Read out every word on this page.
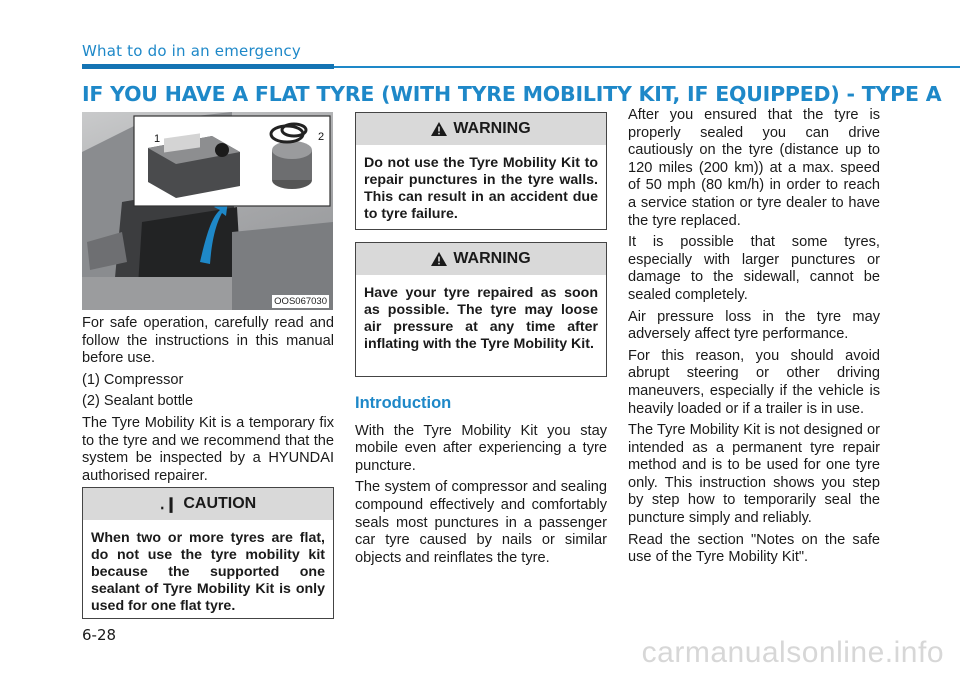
What to do in an emergency
IF YOU HAVE A FLAT TYRE (WITH TYRE MOBILITY KIT, IF EQUIPPED) - TYPE A
1	2
OOS067030

For safe operation, carefully read and follow the instructions in this manual before use.

(1) Compressor

(2) Sealant bottle

The Tyre Mobility Kit is a temporary fix to the tyre and we recommend that the system be inspected by a HYUNDAI authorised repairer.

․❙ CAUTION
When two or more tyres are flat, do not use the tyre mobility kit because the supported one sealant of Tyre Mobility Kit is only used for one flat tyre.
WARNING
Do not use the Tyre Mobility Kit to repair punctures in the tyre walls. This can result in an accident due to tyre failure.
WARNING
Have your tyre repaired as soon as possible. The tyre may loose air pressure at any time after inflating with the Tyre Mobility Kit.
Introduction

With the Tyre Mobility Kit you stay mobile even after experiencing a tyre puncture.

The system of compressor and sealing compound effectively and comfortably seals most punctures in a passenger car tyre caused by nails or similar objects and reinflates the tyre.

After you ensured that the tyre is properly sealed you can drive cautiously on the tyre (distance up to 120 miles (200 km)) at a max. speed of 50 mph (80 km/h) in order to reach a service station or tyre dealer to have the tyre replaced.

It is possible that some tyres, especially with larger punctures or damage to the sidewall, cannot be sealed completely.

Air pressure loss in the tyre may adversely affect tyre performance.

For this reason, you should avoid abrupt steering or other driving maneuvers, especially if the vehicle is heavily loaded or if a trailer is in use.

The Tyre Mobility Kit is not designed or intended as a permanent tyre repair method and is to be used for one tyre only. This instruction shows you step by step how to temporarily seal the puncture simply and reliably.

Read the section "Notes on the safe use of the Tyre Mobility Kit".

6-28
carmanualsonline.info
